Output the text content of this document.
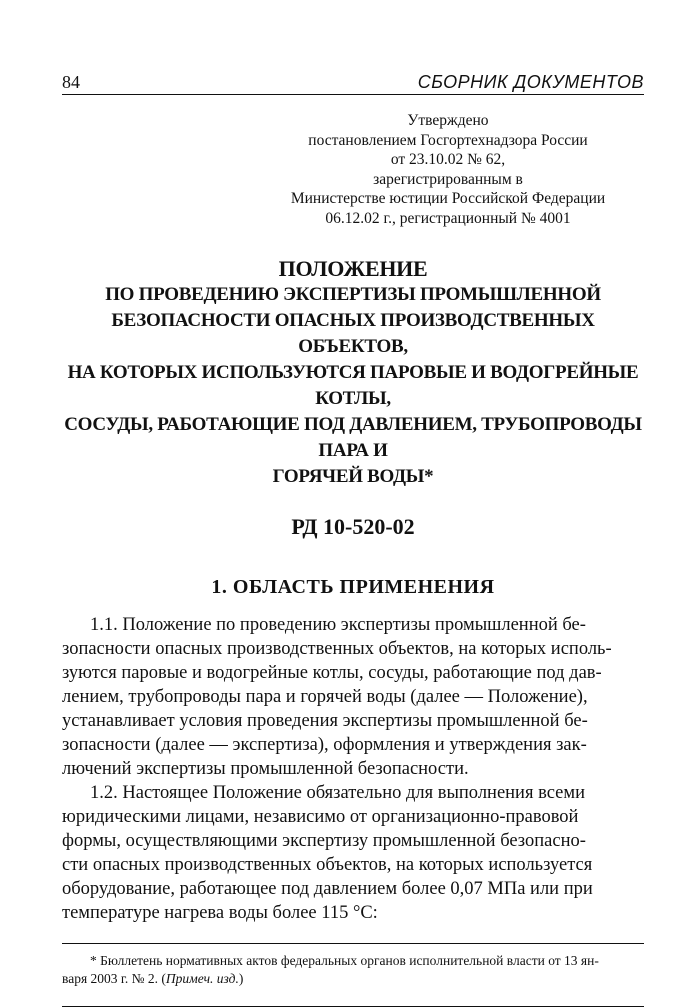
84	СБОРНИК ДОКУМЕНТОВ
Утверждено
постановлением Госгортехнадзора России
от 23.10.02 № 62,
зарегистрированным в
Министерстве юстиции Российской Федерации
06.12.02 г., регистрационный № 4001
ПОЛОЖЕНИЕ
ПО ПРОВЕДЕНИЮ ЭКСПЕРТИЗЫ ПРОМЫШЛЕННОЙ
БЕЗОПАСНОСТИ ОПАСНЫХ ПРОИЗВОДСТВЕННЫХ ОБЪЕКТОВ,
НА КОТОРЫХ ИСПОЛЬЗУЮТСЯ ПАРОВЫЕ И ВОДОГРЕЙНЫЕ КОТЛЫ,
СОСУДЫ, РАБОТАЮЩИЕ ПОД ДАВЛЕНИЕМ, ТРУБОПРОВОДЫ ПАРА И
ГОРЯЧЕЙ ВОДЫ*
РД 10-520-02
1. ОБЛАСТЬ ПРИМЕНЕНИЯ

1.1. Положение по проведению экспертизы промышленной бе-
зопасности опасных производственных объектов, на которых исполь-
зуются паровые и водогрейные котлы, сосуды, работающие под дав-
лением, трубопроводы пара и горячей воды (далее — Положение),
устанавливает условия проведения экспертизы промышленной бе-
зопасности (далее — экспертиза), оформления и утверждения зак-
лючений экспертизы промышленной безопасности.

1.2. Настоящее Положение обязательно для выполнения всеми
юридическими лицами, независимо от организационно-правовой
формы, осуществляющими экспертизу промышленной безопасно-
сти опасных производственных объектов, на которых используется
оборудование, работающее под давлением более 0,07 МПа или при
температуре нагрева воды более 115 °С:

* Бюллетень нормативных актов федеральных органов исполнительной власти от 13 ян-
варя 2003 г. № 2. (Примеч. изд.)
